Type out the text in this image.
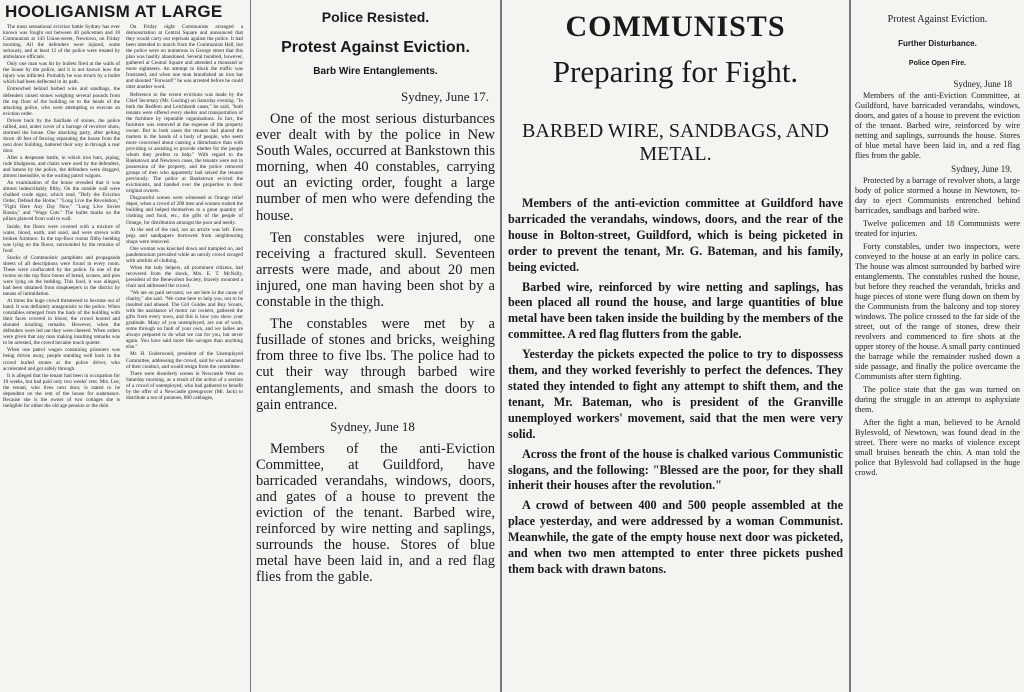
HOOLIGANISM AT LARGE

The most sensational eviction battle Sydney has ever known was fought out between 40 policemen and 18 Communists at 143 Union-street, Newtown, on Friday morning. All the defenders were injured, some seriously, and at least 12 of the police were treated by ambulance officials.

Only one man was hit by bullets fired at the walls of the house by the police, and it is not known how the injury was inflicted. Probably he was struck by a bullet which had been deflected in its path.

Entrenched behind barbed wire and sandbags, the defenders raised stones weighing several pounds from the top floor of the building on to the heads of the attacking police, who were attempting to execute an eviction order.

Driven back by the fusillade of stones, the police rallied, and, under cover of a barrage of revolver shots, stormed the house. One attacking party, after pelting down 40 feet of fencing separating the house from the next door building, battered their way in through a rear door.

After a desperate battle, in which iron bars, piping, rude bludgeons, and chairs were used by the defenders, and batons by the police, the defenders were dragged, almost insensible, to the waiting patrol wagons.

An examination of the house revealed that it was almost indescribably filthy. On the outside wall were chalked crude signs, which read, "Defy the Eviction Order, Defend the Home," "Long Live the Revolution," "Fight Here Any Day Now," "Long Live Soviet Russia," and "Wage Cuts." The bullet marks on the pillars glanced from wall to wall.

Inside, the floors were covered with a mixture of water, blood, earth, and sand, and were strewn with broken furniture. In the top-floor rooms filthy bedding was lying on the floors, surrounded by the remains of food.

Stacks of Communistic pamphlets and propaganda sheets of all descriptions were found in every room. These were confiscated by the police. In one of the rooms on the top floor bones of bread, scones, and pies were lying on the bedding. This food, it was alleged, had been obtained from shopkeepers in the district by means of intimidation.

At times the huge crowd threatened to become out of hand. It was definitely antagonistic to the police. When constables emerged from the back of the building with their faces covered in blood, the crowd hooted and shouted insulting remarks. However, when the defenders were led out they were cheered. When orders were given that any man making insulting remarks was to be arrested, the crowd became much quieter.

When one patrol wagon containing prisoners was being driven away, people standing well back in the crowd hurled stones at the police driver, who accelerated and got safely through.

It is alleged that the tenant had been in occupation for 10 weeks, but had paid only two weeks' rent. Mrs. Lee, the tenant, who lives next door, is stated to be dependent on the rent of the house for sustenance. Because she is the owner of two cottages she is ineligible for either the old age pension or the dole.

On Friday night Communists arranged a demonstration at Central Square and announced that they would carry out reprisals against the police. It had been intended to march from the Communists Hall, but the police were on numerous in George street that this plan was hastily abandoned. Several hundred, however, gathered at Central Square and attended a thousand or more sightseers. An attempt to block the traffic was frustrated, and when one man brandished an iron bar and shouted "Forward!" he was arrested before he could utter another word.

Reference to the recent evictions was made by the Chief Secretary (Mr. Gosling) on Saturday evening. "In both the Redfern and Leichhardt cases," he said, "both tenants were offered every shelter and transportation of the furniture by reputable organisations. In fact, the furniture was removed at the expense of the property owner. But in both cases the tenants had placed the matters in the hands of a body of people, who seem more concerned about causing a disturbance than with providing or assisting to provide shelter for the people whom they profess to help." With regard to the Bankstown and Newtown cases, the tenants were not in possession of the property, and the police removed groups of men who apparently had seized the tenants previously. The police at Bankstown evicted the evictionists, and handed over the properties to their original owners.

Disgraceful scenes were witnessed at Orange relief depot, when a crowd of 200 men and women rushed the building and helped themselves to a great quantity of clothing and food, etc., the gifts of the people of Orange, for distribution amongst the poor and needy.

At the end of the raid, not an article was left. Even pegs and sandpapers borrowed from neighbouring shops were removed.

One woman was knocked down and trampled on, and pandemonium prevailed while an unruly crowd ravaged with armfuls of clothing.

When the lady helpers, all prominent citizens, had recovered from the shock, Mrs. E. T. McNally, president of the Benevolent Society, bravely mounted a chair and addressed the crowd.

"We are on paid servants; we are here in the cause of charity," she said. "We came here to help you, not to be insulted and abused. The Girl Guides and Boy Scouts, with the assistance of motor car owners, gathered the gifts from every town, and this is how you show your gratitude. Many of you unemployed, are out of work, some through no fault of your own, and we ladies are always prepared to do what we can for you, but never again. You have said more like savages than anything else."

Mr. H. Underwood, president of the Unemployed Committee, addressing the crowd, said he was ashamed of their conduct, and would resign from the committee.

There were disorderly scenes in Newcastle West on Saturday morning, as a result of the action of a section of a crowd of unemployed, who had gathered to benefit by the offer of a Newcastle greengrocer (Mr. Jack) to distribute a ton of potatoes, 800 cabbages,

Police Resisted.
Protest Against Eviction.
Barb Wire Entanglements.
Sydney, June 17.

One of the most serious disturbances ever dealt with by the police in New South Wales, occurred at Bankstown this morning, when 40 constables, carrying out an evicting order, fought a large number of men who were defending the house.

Ten constables were injured, one receiving a fractured skull. Seventeen arrests were made, and about 20 men injured, one man having been shot by a constable in the thigh.

The constables were met by a fusillade of stones and bricks, weighing from three to five lbs. The police had to cut their way through barbed wire entanglements, and smash the doors to gain entrance.

Sydney, June 18

Members of the anti-Eviction Committee, at Guildford, have barricaded verandahs, windows, doors, and gates of a house to prevent the eviction of the tenant. Barbed wire, reinforced by wire netting and saplings, surrounds the house. Stores of blue metal have been laid in, and a red flag flies from the gable.

COMMUNISTS
Preparing for Fight.
BARBED WIRE, SANDBAGS, AND METAL.

Members of the anti-eviction committee at Guildford have barricaded the verandahs, windows, doors, and the rear of the house in Bolton-street, Guildford, which is being picketed in order to prevent the tenant, Mr. G. Bateman, and his family, being evicted.

Barbed wire, reinforced by wire netting and saplings, has been placed all round the house, and large quantities of blue metal have been taken inside the building by the members of the committee. A red flag flutters from the gable.

Yesterday the pickets expected the police to try to dispossess them, and they worked feverishly to perfect the defences. They stated they intended to fight any attempt to shift them, and the tenant, Mr. Bateman, who is president of the Granville unemployed workers' movement, said that the men were very solid.

Across the front of the house is chalked various Communistic slogans, and the following: "Blessed are the poor, for they shall inherit their houses after the revolution."

A crowd of between 400 and 500 people assembled at the place yesterday, and were addressed by a woman Communist. Meanwhile, the gate of the empty house next door was picketed, and when two men attempted to enter three pickets pushed them back with drawn batons.

Protest Against Eviction.
Further Disturbance.
Police Open Fire.
Sydney, June 18

Members of the anti-Eviction Committee, at Guildford, have barricaded verandahs, windows, doors, and gates of a house to prevent the eviction of the tenant. Barbed wire, reinforced by wire netting and saplings, surrounds the house. Stores of blue metal have been laid in, and a red flag flies from the gable.

Sydney, June 19.

Protected by a barrage of revolver shots, a large body of police stormed a house in Newtown, to-day to eject Communists entrenched behind barricades, sandbags and barbed wire.

Twelve policemen and 18 Communists were treated for injuries.

Forty constables, under two inspectors, were conveyed to the house at an early in police cars. The house was almost surrounded by barbed wire entanglements. The constables rushed the house, but before they reached the verandah, bricks and huge pieces of stone were flung down on them by the Communists from the balcony and top storey windows. The police crossed to the far side of the street, out of the range of stones, drew their revolvers and commenced to fire shots at the upper storey of the house. A small party continued the barrage while the remainder rushed down a side passage, and finally the police overcame the Communists after stern fighting.

The police state that the gas was turned on during the struggle in an attempt to asphyxiate them.

After the fight a man, believed to be Arnold Bylesvold, of Newtown, was found dead in the street. There were no marks of violence except small bruises beneath the chin. A man told the police that Bylesvold had collapsed in the huge crowd.
